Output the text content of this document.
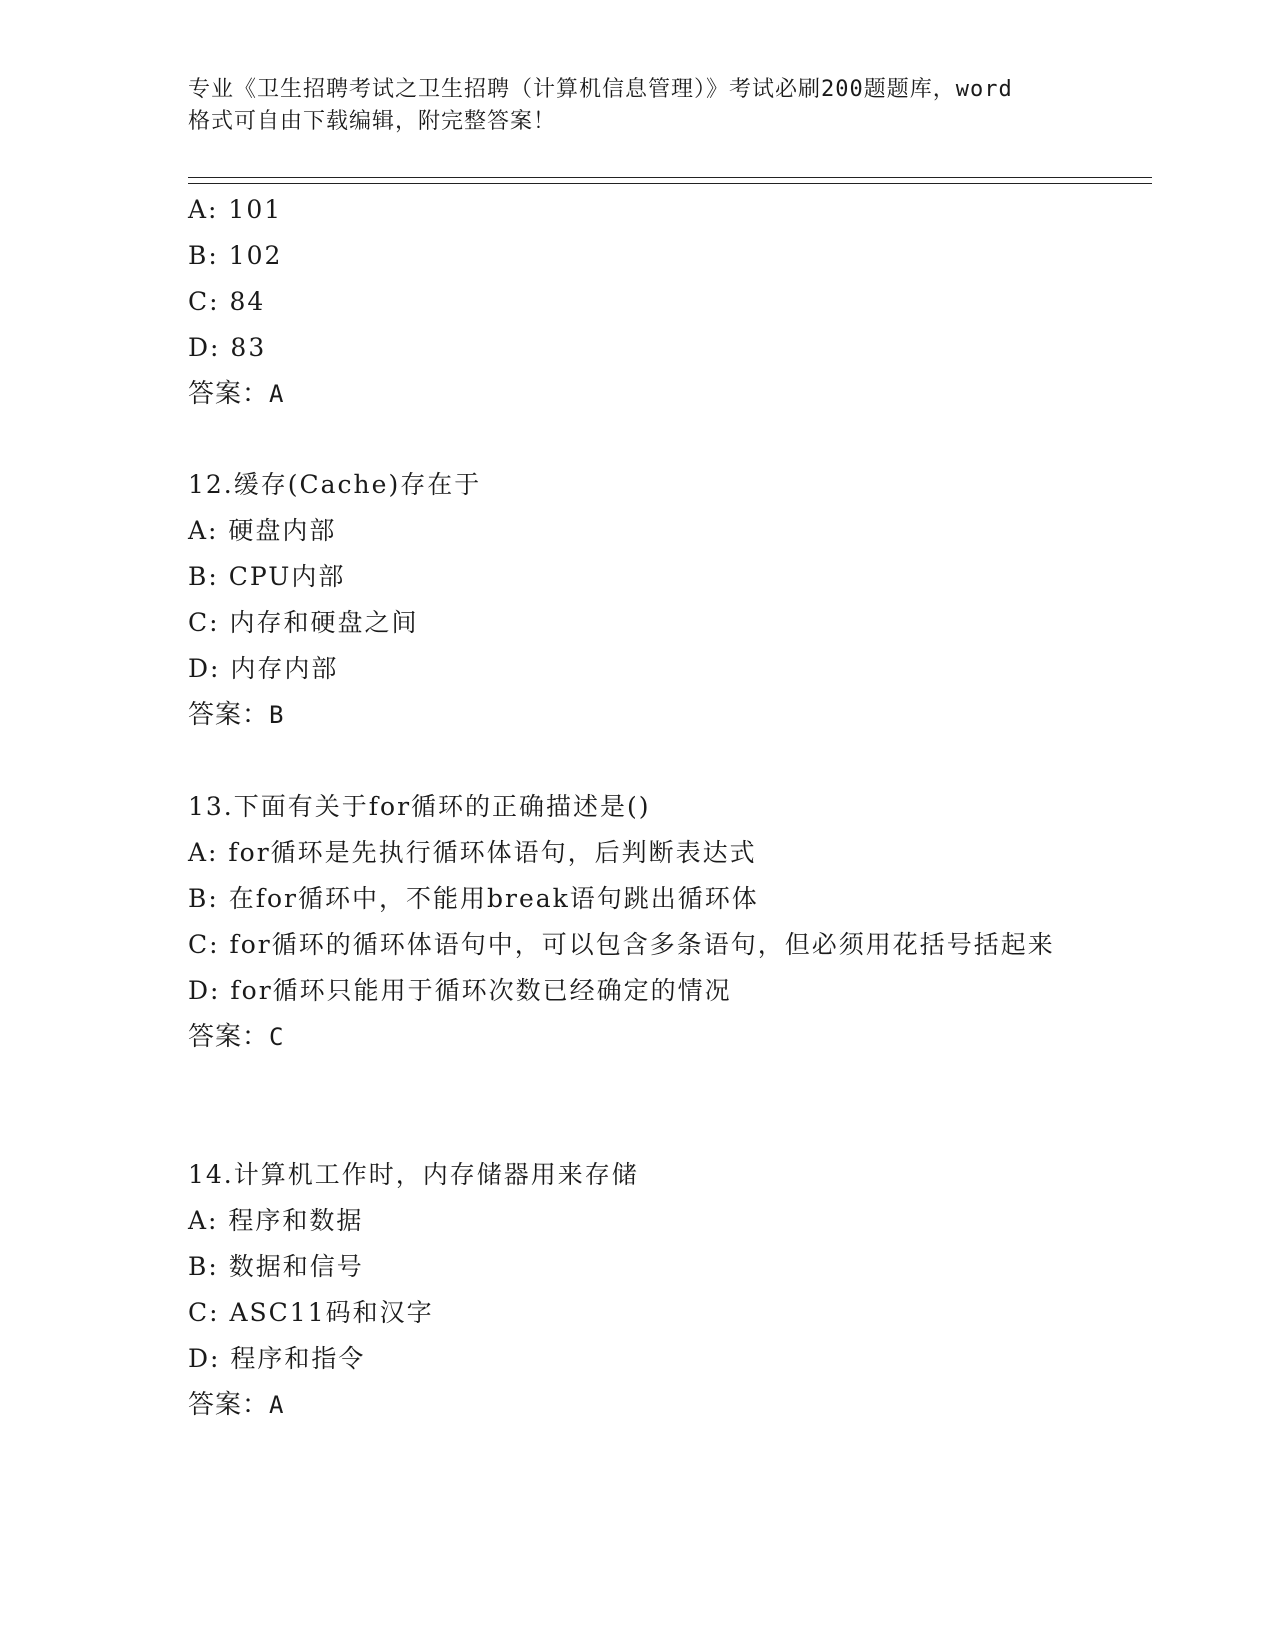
专业《卫生招聘考试之卫生招聘（计算机信息管理）》考试必刷200题题库，word
格式可自由下载编辑，附完整答案！
A: 101
B: 102
C: 84
D: 83
答案：A
12.缓存(Cache)存在于
A: 硬盘内部
B: CPU内部
C: 内存和硬盘之间
D: 内存内部
答案：B
13.下面有关于for循环的正确描述是()
A: for循环是先执行循环体语句，后判断表达式
B: 在for循环中，不能用break语句跳出循环体
C: for循环的循环体语句中，可以包含多条语句，但必须用花括号括起来
D: for循环只能用于循环次数已经确定的情况
答案：C
14.计算机工作时，内存储器用来存储
A: 程序和数据
B: 数据和信号
C: ASC11码和汉字
D: 程序和指令
答案：A
